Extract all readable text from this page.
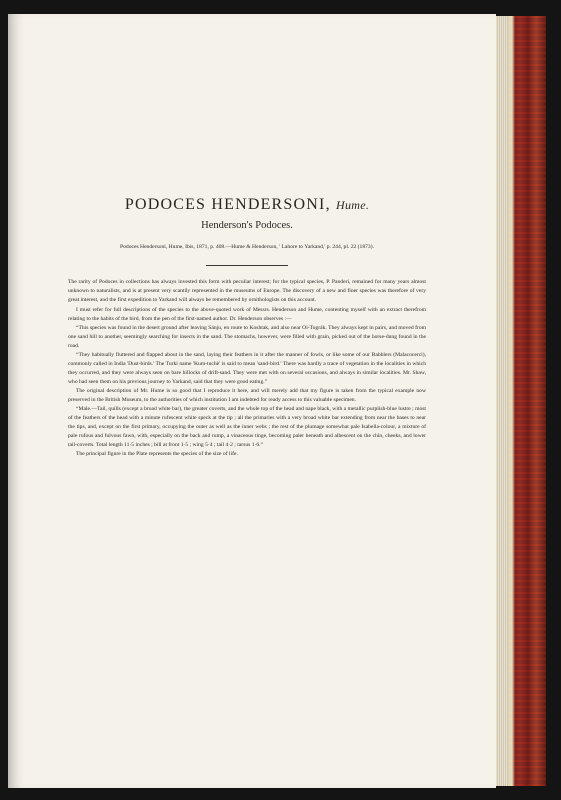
PODOCES HENDERSONI, Hume.
Henderson's Podoces.

Podoces Hendersoni, Hume, Ibis, 1871, p. 408.—Hume & Henderson, ' Lahore to Yarkand,' p. 244, pl. 22 (1873).

The rarity of Podoces in collections has always invested this form with peculiar interest; for the typical species, P. Panderi, remained for many years almost unknown to naturalists, and is at present very scantily represented in the museums of Europe. The discovery of a new and finer species was therefore of very great interest, and the first expedition to Yarkand will always be remembered by ornithologists on this account.

I must refer for full descriptions of the species to the above-quoted work of Messrs. Henderson and Hume, contenting myself with an extract therefrom relating to the habits of the bird, from the pen of the first-named author. Dr. Henderson observes :—

“This species was found in the desert ground after leaving Sánju, en route to Koshtak, and also near Oi-Tográk. They always kept in pairs, and moved from one sand hill to another, seemingly searching for insects in the sand. The stomachs, however, were filled with grain, picked out of the horse-dung found in the road.

“They habitually fluttered and flapped about in the sand, laying their feathers in it after the manner of fowls, or like some of our Babblers (Malacocerci), commonly called in India 'Dust-birds.' The Turki name 'Kum-tuchè' is said to mean 'sand-bird.' There was hardly a trace of vegetation in the localities in which they occurred, and they were always seen on bare hillocks of drift-sand. They were met with on several occasions, and always in similar localities. Mr. Shaw, who had seen them on his previous journey to Yarkand, said that they were good eating.”

The original description of Mr. Hume is so good that I reproduce it here, and will merely add that my figure is taken from the typical example now preserved in the British Museum, to the authorities of which institution I am indebted for ready access to this valuable specimen.

“Male.—Tail, quills (except a broad white bar), the greater coverts, and the whole top of the head and nape black, with a metallic purplish-blue lustre ; most of the feathers of the head with a minute rufescent white speck at the tip ; all the primaries with a very broad white bar extending from near the bases to near the tips, and, except on the first primary, occupying the outer as well as the inner webs ; the rest of the plumage somewhat pale Isabella-colour, a mixture of pale rufous and fulvous fawn, with, especially on the back and rump, a vinaceous tinge, becoming paler beneath and albescent on the chin, cheeks, and lower tail-coverts. Total length 11·5 inches ; bill at front 1·5 ; wing 5·4 ; tail 4·2 ; tarsus 1·6.”

The principal figure in the Plate represents the species of the size of life.
